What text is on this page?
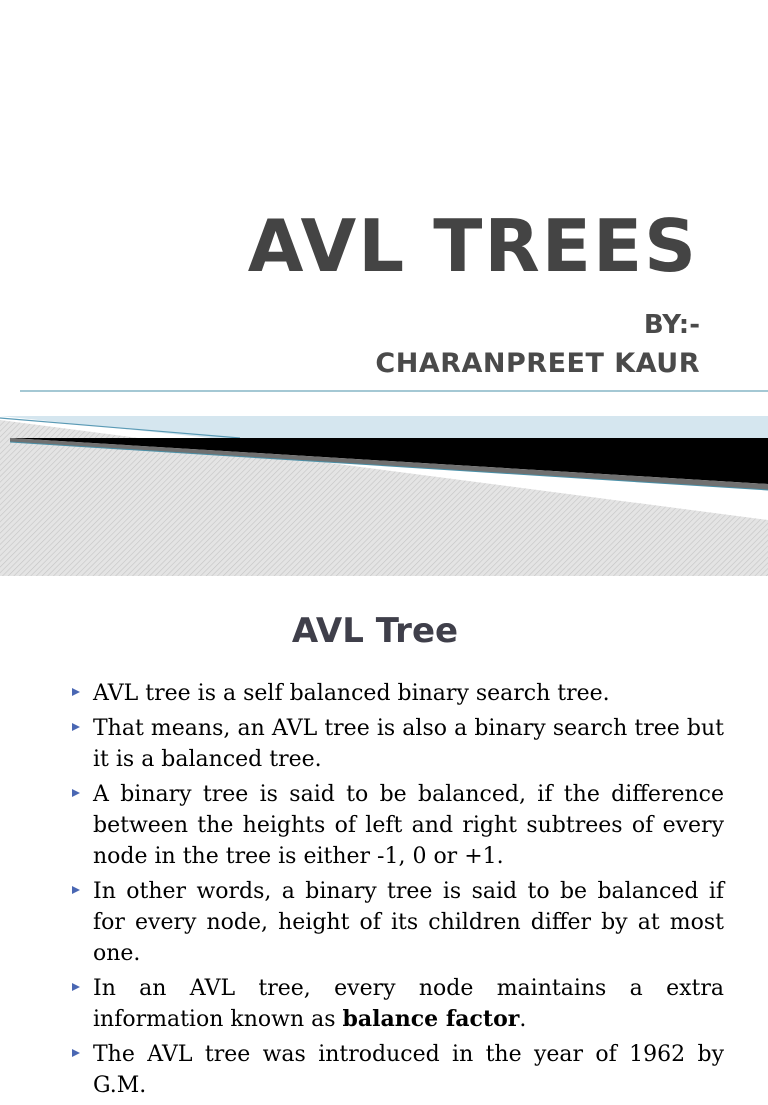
AVL TREES
BY:-
CHARANPREET KAUR
AVL Tree
AVL tree is a self balanced binary search tree.
That means, an AVL tree is also a binary search tree but it is a balanced tree.
A binary tree is said to be balanced, if the difference between the heights of left and right subtrees of every node in the tree is either -1, 0 or +1.
In other words, a binary tree is said to be balanced if for every node, height of its children differ by at most one.
In an AVL tree, every node maintains a extra information known as balance factor.
The AVL tree was introduced in the year of 1962 by G.M.
